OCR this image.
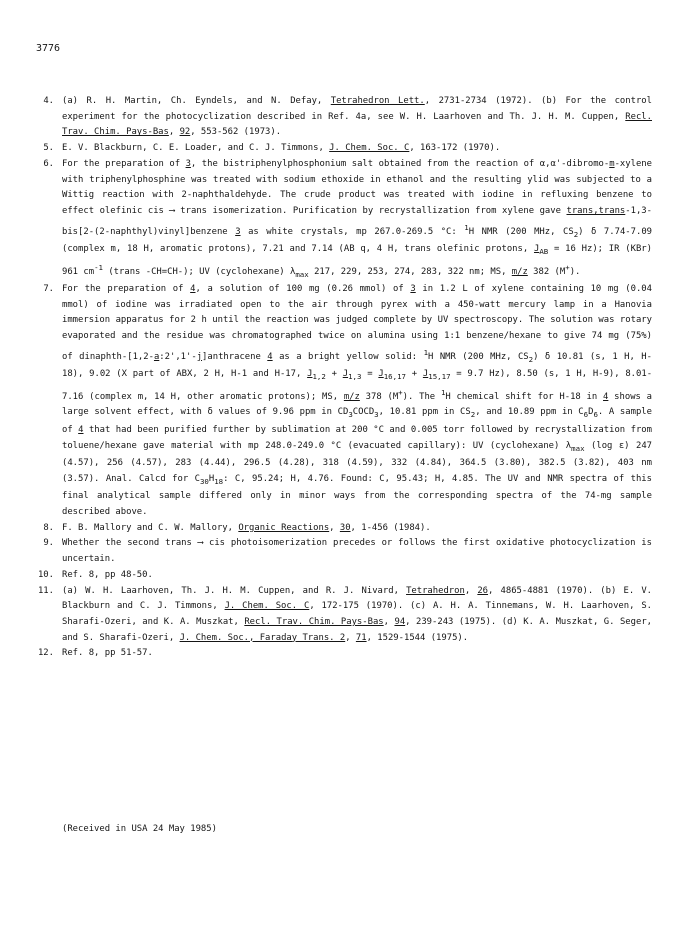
3776
4. (a) R. H. Martin, Ch. Eyndels, and N. Defay, Tetrahedron Lett., 2731-2734 (1972). (b) For the control experiment for the photocyclization described in Ref. 4a, see W. H. Laarhoven and Th. J. H. M. Cuppen, Recl. Trav. Chim. Pays-Bas, 92, 553-562 (1973).
5. E. V. Blackburn, C. E. Loader, and C. J. Timmons, J. Chem. Soc. C, 163-172 (1970).
6. For the preparation of 3, the bistriphenylphosphonium salt obtained from the reaction of α,α'-dibromo-m-xylene with triphenylphosphine was treated with sodium ethoxide in ethanol and the resulting ylid was subjected to a Wittig reaction with 2-naphthaldehyde. The crude product was treated with iodine in refluxing benzene to effect olefinic cis ⟶ trans isomerization. Purification by recrystallization from xylene gave trans,trans-1,3-bis[2-(2-naphthyl)vinyl]benzene 3 as white crystals, mp 267.0-269.5 °C: $^1$H NMR (200 MHz, $CS_2$) δ 7.74-7.09 (complex m, 18 H, aromatic protons), 7.21 and 7.14 (AB q, 4 H, trans olefinic protons, $J_{AB} = 16$ Hz); IR (KBr) 961 $cm^{-1}$ (trans -CH=CH-); UV (cyclohexane) $\lambda_{max}$ 217, 229, 253, 274, 283, 322 nm; MS, m/z 382 (M+).
7. For the preparation of 4, a solution of 100 mg (0.26 mmol) of 3 in 1.2 L of xylene containing 10 mg (0.04 mmol) of iodine was irradiated open to the air through pyrex with a 450-watt mercury lamp in a Hanovia immersion apparatus for 2 h until the reaction was judged complete by UV spectroscopy. The solution was rotary evaporated and the residue was chromatographed twice on alumina using 1:1 benzene/hexane to give 74 mg (75%) of dinaphth-[1,2-a:2',1'-j]anthracene 4 as a bright yellow solid: $^1$H NMR (200 MHz, $CS_2$) δ 10.81 (s, 1 H, H-18), 9.02 (X part of ABX, 2 H, H-1 and H-17, $J_{1,2} + J_{1,3} = J_{16,17} + J_{15,17} = 9.7$ Hz), 8.50 (s, 1 H, H-9), 8.01-7.16 (complex m, 14 H, other aromatic protons); MS, m/z 378 (M+). The $^1$H chemical shift for H-18 in 4 shows a large solvent effect, with δ values of 9.96 ppm in $CD_3COCD_3$, 10.81 ppm in $CS_2$, and 10.89 ppm in $C_6D_6$. A sample of 4 that had been purified further by sublimation at 200 °C and 0.005 torr followed by recrystallization from toluene/hexane gave material with mp 248.0-249.0 °C (evacuated capillary): UV (cyclohexane) $\lambda_{max}$ (log ε) 247 (4.57), 256 (4.57), 283 (4.44), 296.5 (4.28), 318 (4.59), 332 (4.84), 364.5 (3.80), 382.5 (3.82), 403 nm (3.57). Anal. Calcd for $C_{30}H_{18}$: C, 95.24; H, 4.76. Found: C, 95.43; H, 4.85. The UV and NMR spectra of this final analytical sample differed only in minor ways from the corresponding spectra of the 74-mg sample described above.
8. F. B. Mallory and C. W. Mallory, Organic Reactions, 30, 1-456 (1984).
9. Whether the second trans ⟶ cis photoisomerization precedes or follows the first oxidative photocyclization is uncertain.
10. Ref. 8, pp 48-50.
11. (a) W. H. Laarhoven, Th. J. H. M. Cuppen, and R. J. Nivard, Tetrahedron, 26, 4865-4881 (1970). (b) E. V. Blackburn and C. J. Timmons, J. Chem. Soc. C, 172-175 (1970). (c) A. H. A. Tinnemans, W. H. Laarhoven, S. Sharafi-Ozeri, and K. A. Muszkat, Recl. Trav. Chim. Pays-Bas, 94, 239-243 (1975). (d) K. A. Muszkat, G. Seger, and S. Sharafi-Ozeri, J. Chem. Soc., Faraday Trans. 2, 71, 1529-1544 (1975).
12. Ref. 8, pp 51-57.
(Received in USA 24 May 1985)
